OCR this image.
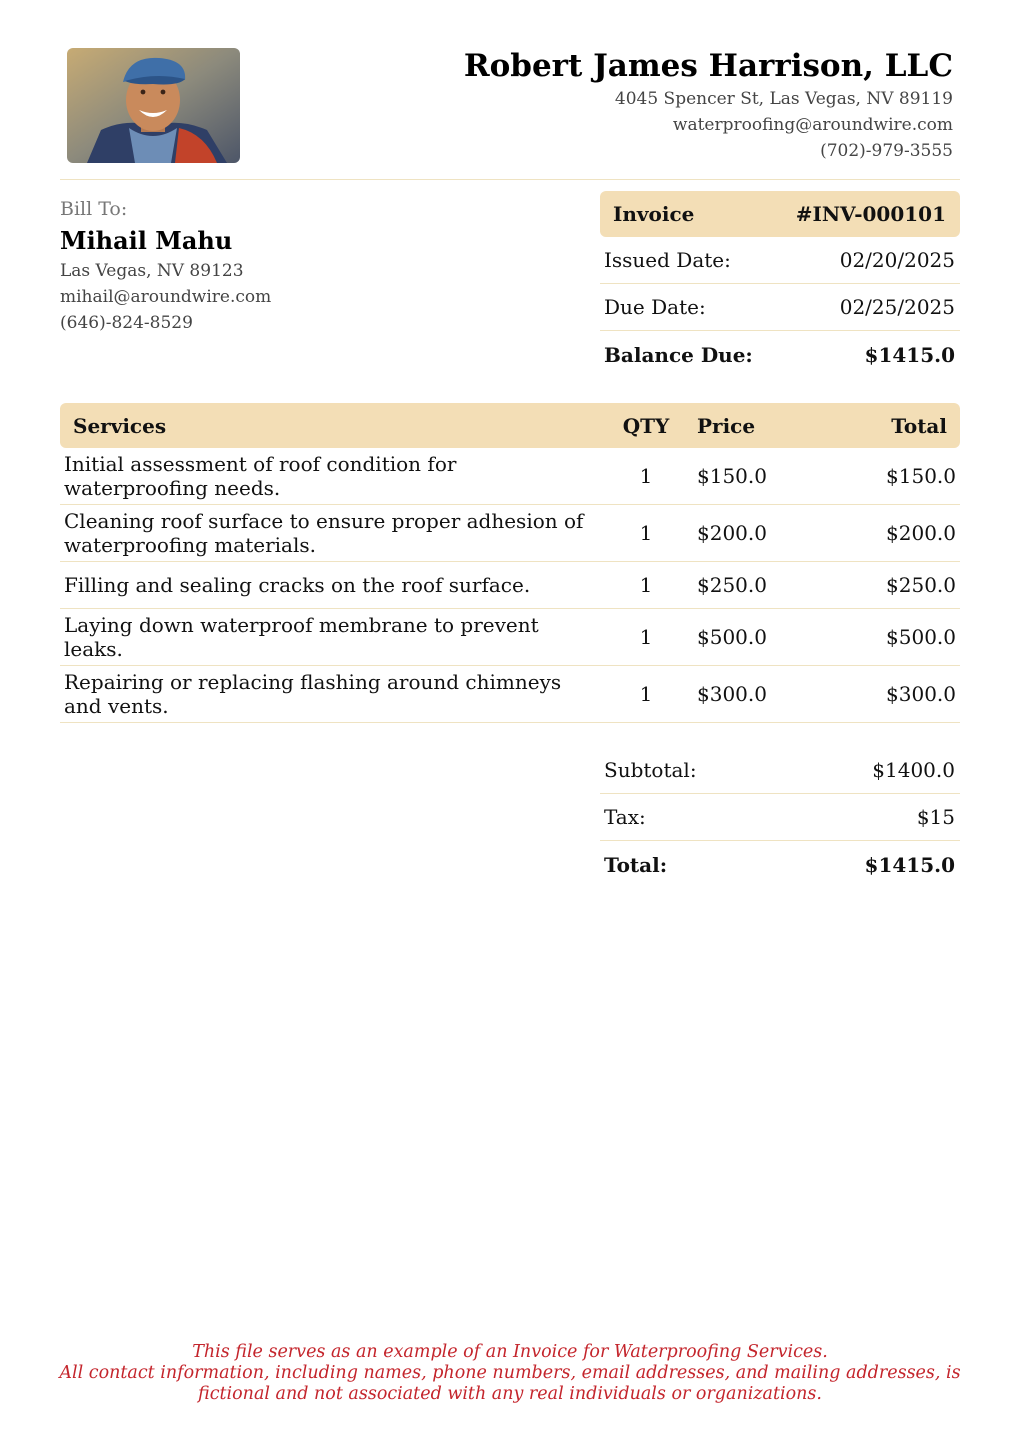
Robert James Harrison, LLC
4045 Spencer St, Las Vegas, NV 89119
waterproofing@aroundwire.com
(702)-979-3555
Bill To:
Mihail Mahu
Las Vegas, NV 89123
mihail@aroundwire.com
(646)-824-8529
Invoice	#INV-000101
Issued Date:	02/20/2025
Due Date:	02/25/2025
Balance Due:	$1415.0
Services	QTY	Price	Total
Initial assessment of roof condition for waterproofing needs.	1	$150.0	$150.0
Cleaning roof surface to ensure proper adhesion of waterproofing materials.	1	$200.0	$200.0
Filling and sealing cracks on the roof surface.	1	$250.0	$250.0
Laying down waterproof membrane to prevent leaks.	1	$500.0	$500.0
Repairing or replacing flashing around chimneys and vents.	1	$300.0	$300.0
Subtotal:	$1400.0
Tax:	$15
Total:	$1415.0
This file serves as an example of an Invoice for Waterproofing Services.
All contact information, including names, phone numbers, email addresses, and mailing addresses, is
fictional and not associated with any real individuals or organizations.
